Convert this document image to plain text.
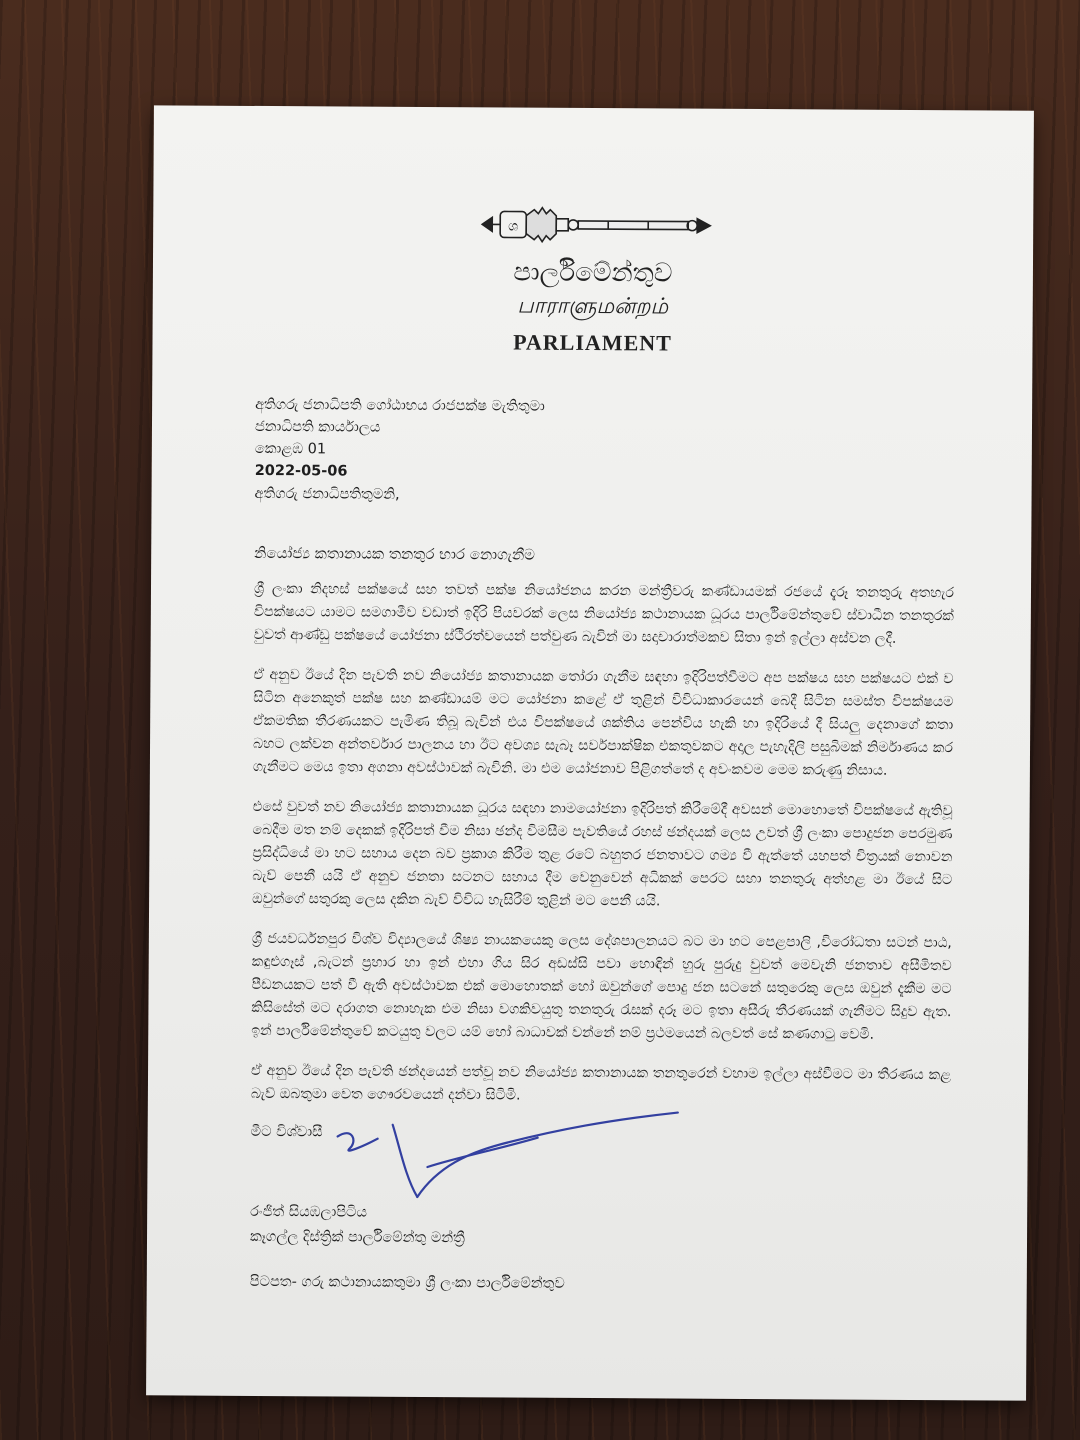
ශ
පාර්ලිමේන්තුව
பாராளுமன்றம்
PARLIAMENT
අතිගරු ජනාධිපති ගෝඨාභය රාජපක්ෂ මැතිතුමා
ජනාධිපති කාර්යාලය
කොළඹ 01
2022-05-06
අතිගරු ජනාධිපතිතුමනි,
නියෝජ්‍ය කතානායක තනතුර භාර නොගැනීම

ශ්‍රී ලංකා නිදහස් පක්ෂයේ සහ තවත් පක්ෂ නියෝජනය කරන මන්ත්‍රීවරු කණ්ඩායමක් රජයේ දැරූ තනතුරු අතහැර විපක්ෂයට යාමට සමගාමීව වඩාත් ඉදිරි පියවරක් ලෙස නියෝජ්‍ය කථානායක ධූරය පාර්ලිමේන්තුවේ ස්වාධීන තනතුරක් වුවත් ආණ්ඩු පක්ෂයේ යෝජනා ස්ථිරත්වයෙන් පත්වුණ බැවින් මා සදාචාරාත්මකව සිතා ඉන් ඉල්ලා අස්වන ලදී.

ඒ අනුව ඊයේ දින පැවති නව නියෝජ්‍ය කතානායක තෝරා ගැනීම සඳහා ඉදිරිපත්වීමට අප පක්ෂය සහ පක්ෂයට එක් ව සිටින අනෙකුත් පක්ෂ සහ කණ්ඩායම් මට යෝජනා කළේ ඒ තුළින් විවිධාකාරයෙන් බෙදී සිටින සමස්ත විපක්ෂයම ඒකමතික තීරණයකට පැමිණ තිබූ බැවින් එය විපක්ෂයේ ශක්තිය පෙන්විය හැකි හා ඉදිරියේ දී සියලු දෙනාගේ කතා බහට ලක්වන අන්තර්වාර පාලනය හා ඊට අවශ්‍ය සැබෑ සර්වපාක්ෂික එකතුවකට අදාල පැහැදිලි පසුබිමක් නිර්මාණය කර ගැනීමට මෙය ඉතා අගනා අවස්ථාවක් බැවිනි. මා එම යෝජනාව පිළිගත්තේ ද අවංකවම මෙම කරුණු නිසාය.

එසේ වුවත් නව නියෝජ්‍ය කතානායක ධූරය සඳහා නාමයෝජනා ඉදිරිපත් කිරීමේදී අවසන් මොහොතේ විපක්ෂයේ ඇතිවූ බෙදීම මත නම් දෙකක් ඉදිරිපත් වීම නිසා ඡන්ද විමසීම පැවතියේ රහස් ඡන්දයක් ලෙස උවත් ශ්‍රී ලංකා පොදුජන පෙරමුණ ප්‍රසිද්ධියේ මා හට සහාය දෙන බව ප්‍රකාශ කිරීම තුළ රටේ බහුතර ජනතාවට ගම්‍ය වී ඇත්තේ යහපත් චිත්‍රයක් නොවන බැව් පෙනී යයි ඒ අනුව ජනතා සටනට සහාය දීම වෙනුවෙන් අධිකක් පෙරට සහා තනතුරු අත්හළ මා ඊයේ සිට ඔවුන්ගේ සතුරකු ලෙස දකින බැව් විවිධ හැසිරීම් තුළින් මට පෙනී යයි.

ශ්‍රී ජයවර්ධනපුර විශ්ව විද්‍යාලයේ ශිෂ්‍ය නායකයෙකු ලෙස දේශපාලනයට බට මා හට පෙළපාලි ,විරෝධතා සටන් පාඨ, කඳුළුගෑස් ,බැටන් ප්‍රහාර හා ඉන් එහා ගිය සිර අඩස්සි පවා හොඳින් හුරු පුරුදු වුවත් මෙවැනි ජනතාව අසීමිතව පීඩනයකට පත් වී ඇති අවස්ථාවක එක් මොහොතක් හෝ ඔවුන්ගේ පොදු ජන සටනේ සතුරෙකු ලෙස ඔවුන් දැකීම මට කිසිසේත් මට දරාගත නොහැක එම නිසා වගකිවයුතු තනතුරු රැසක් දරූ මට ඉතා අසීරු තීරණයක් ගැනීමට සිදුව ඇත. ඉන් පාර්ලිමේන්තුවේ කටයුතු වලට යම් හෝ බාධාවක් වන්නේ නම් ප්‍රථමයෙන් බලවත් සේ කණගාටු වෙමි.

ඒ අනුව ඊයේ දින පැවති ඡන්දයෙන් පත්වූ නව නියෝජ්‍ය කතානායක තනතුරෙන් වහාම ඉල්ලා අස්වීමට මා තීරණය කළ බැව් ඔබතුමා වෙත ගෞරවයෙන් දන්වා සිටිමි.

මීට විශ්වාසී
රංජිත් සියඹලාපිටිය
කෑගල්ල දිස්ත්‍රික් පාර්ලිමේන්තු මන්ත්‍රී
පිටපත- ගරු කථානායකතුමා ශ්‍රී ලංකා පාර්ලිමේන්තුව
